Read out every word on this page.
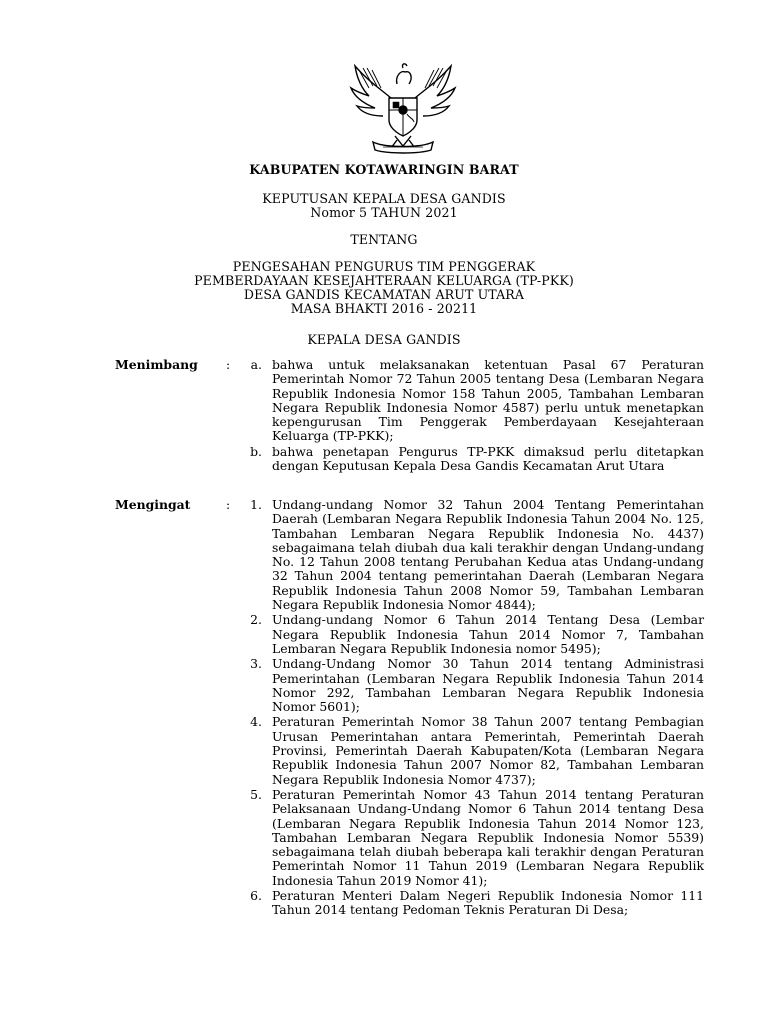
KABUPATEN KOTAWARINGIN BARAT
KEPUTUSAN KEPALA DESA GANDIS
Nomor 5 TAHUN 2021
TENTANG
PENGESAHAN PENGURUS TIM PENGGERAK
PEMBERDAYAAN KESEJAHTERAAN KELUARGA (TP-PKK)
DESA GANDIS KECAMATAN ARUT UTARA
MASA BHAKTI 2016 - 20211
KEPALA DESA GANDIS
Menimbang	:	a. bahwa untuk melaksanakan ketentuan Pasal 67 Peraturan Pemerintah Nomor 72 Tahun 2005 tentang Desa (Lembaran Negara Republik Indonesia Nomor 158 Tahun 2005, Tambahan Lembaran Negara Republik Indonesia Nomor 4587) perlu untuk menetapkan kepengurusan Tim Penggerak Pemberdayaan Kesejahteraan Keluarga (TP-PKK);
b. bahwa penetapan Pengurus TP-PKK dimaksud perlu ditetapkan dengan Keputusan Kepala Desa Gandis Kecamatan Arut Utara
Mengingat	:	1. Undang-undang Nomor 32 Tahun 2004 Tentang Pemerintahan Daerah (Lembaran Negara Republik Indonesia Tahun 2004 No. 125, Tambahan Lembaran Negara Republik Indonesia No. 4437) sebagaimana telah diubah dua kali terakhir dengan Undang-undang No. 12 Tahun 2008 tentang Perubahan Kedua atas Undang-undang 32 Tahun 2004 tentang pemerintahan Daerah (Lembaran Negara Republik Indonesia Tahun 2008 Nomor 59, Tambahan Lembaran Negara Republik Indonesia Nomor 4844);
2. Undang-undang Nomor 6 Tahun 2014 Tentang Desa (Lembar Negara Republik Indonesia Tahun 2014 Nomor 7, Tambahan Lembaran Negara Republik Indonesia nomor 5495);
3. Undang-Undang Nomor 30 Tahun 2014 tentang Administrasi Pemerintahan (Lembaran Negara Republik Indonesia Tahun 2014 Nomor 292, Tambahan Lembaran Negara Republik Indonesia Nomor 5601);
4. Peraturan Pemerintah Nomor 38 Tahun 2007 tentang Pembagian Urusan Pemerintahan antara Pemerintah, Pemerintah Daerah Provinsi, Pemerintah Daerah Kabupaten/Kota (Lembaran Negara Republik Indonesia Tahun 2007 Nomor 82, Tambahan Lembaran Negara Republik Indonesia Nomor 4737);
5. Peraturan Pemerintah Nomor 43 Tahun 2014 tentang Peraturan Pelaksanaan Undang-Undang Nomor 6 Tahun 2014 tentang Desa (Lembaran Negara Republik Indonesia Tahun 2014 Nomor 123, Tambahan Lembaran Negara Republik Indonesia Nomor 5539) sebagaimana telah diubah beberapa kali terakhir dengan Peraturan Pemerintah Nomor 11 Tahun 2019 (Lembaran Negara Republik Indonesia Tahun 2019 Nomor 41);
6. Peraturan Menteri Dalam Negeri Republik Indonesia Nomor 111 Tahun 2014 tentang Pedoman Teknis Peraturan Di Desa;
